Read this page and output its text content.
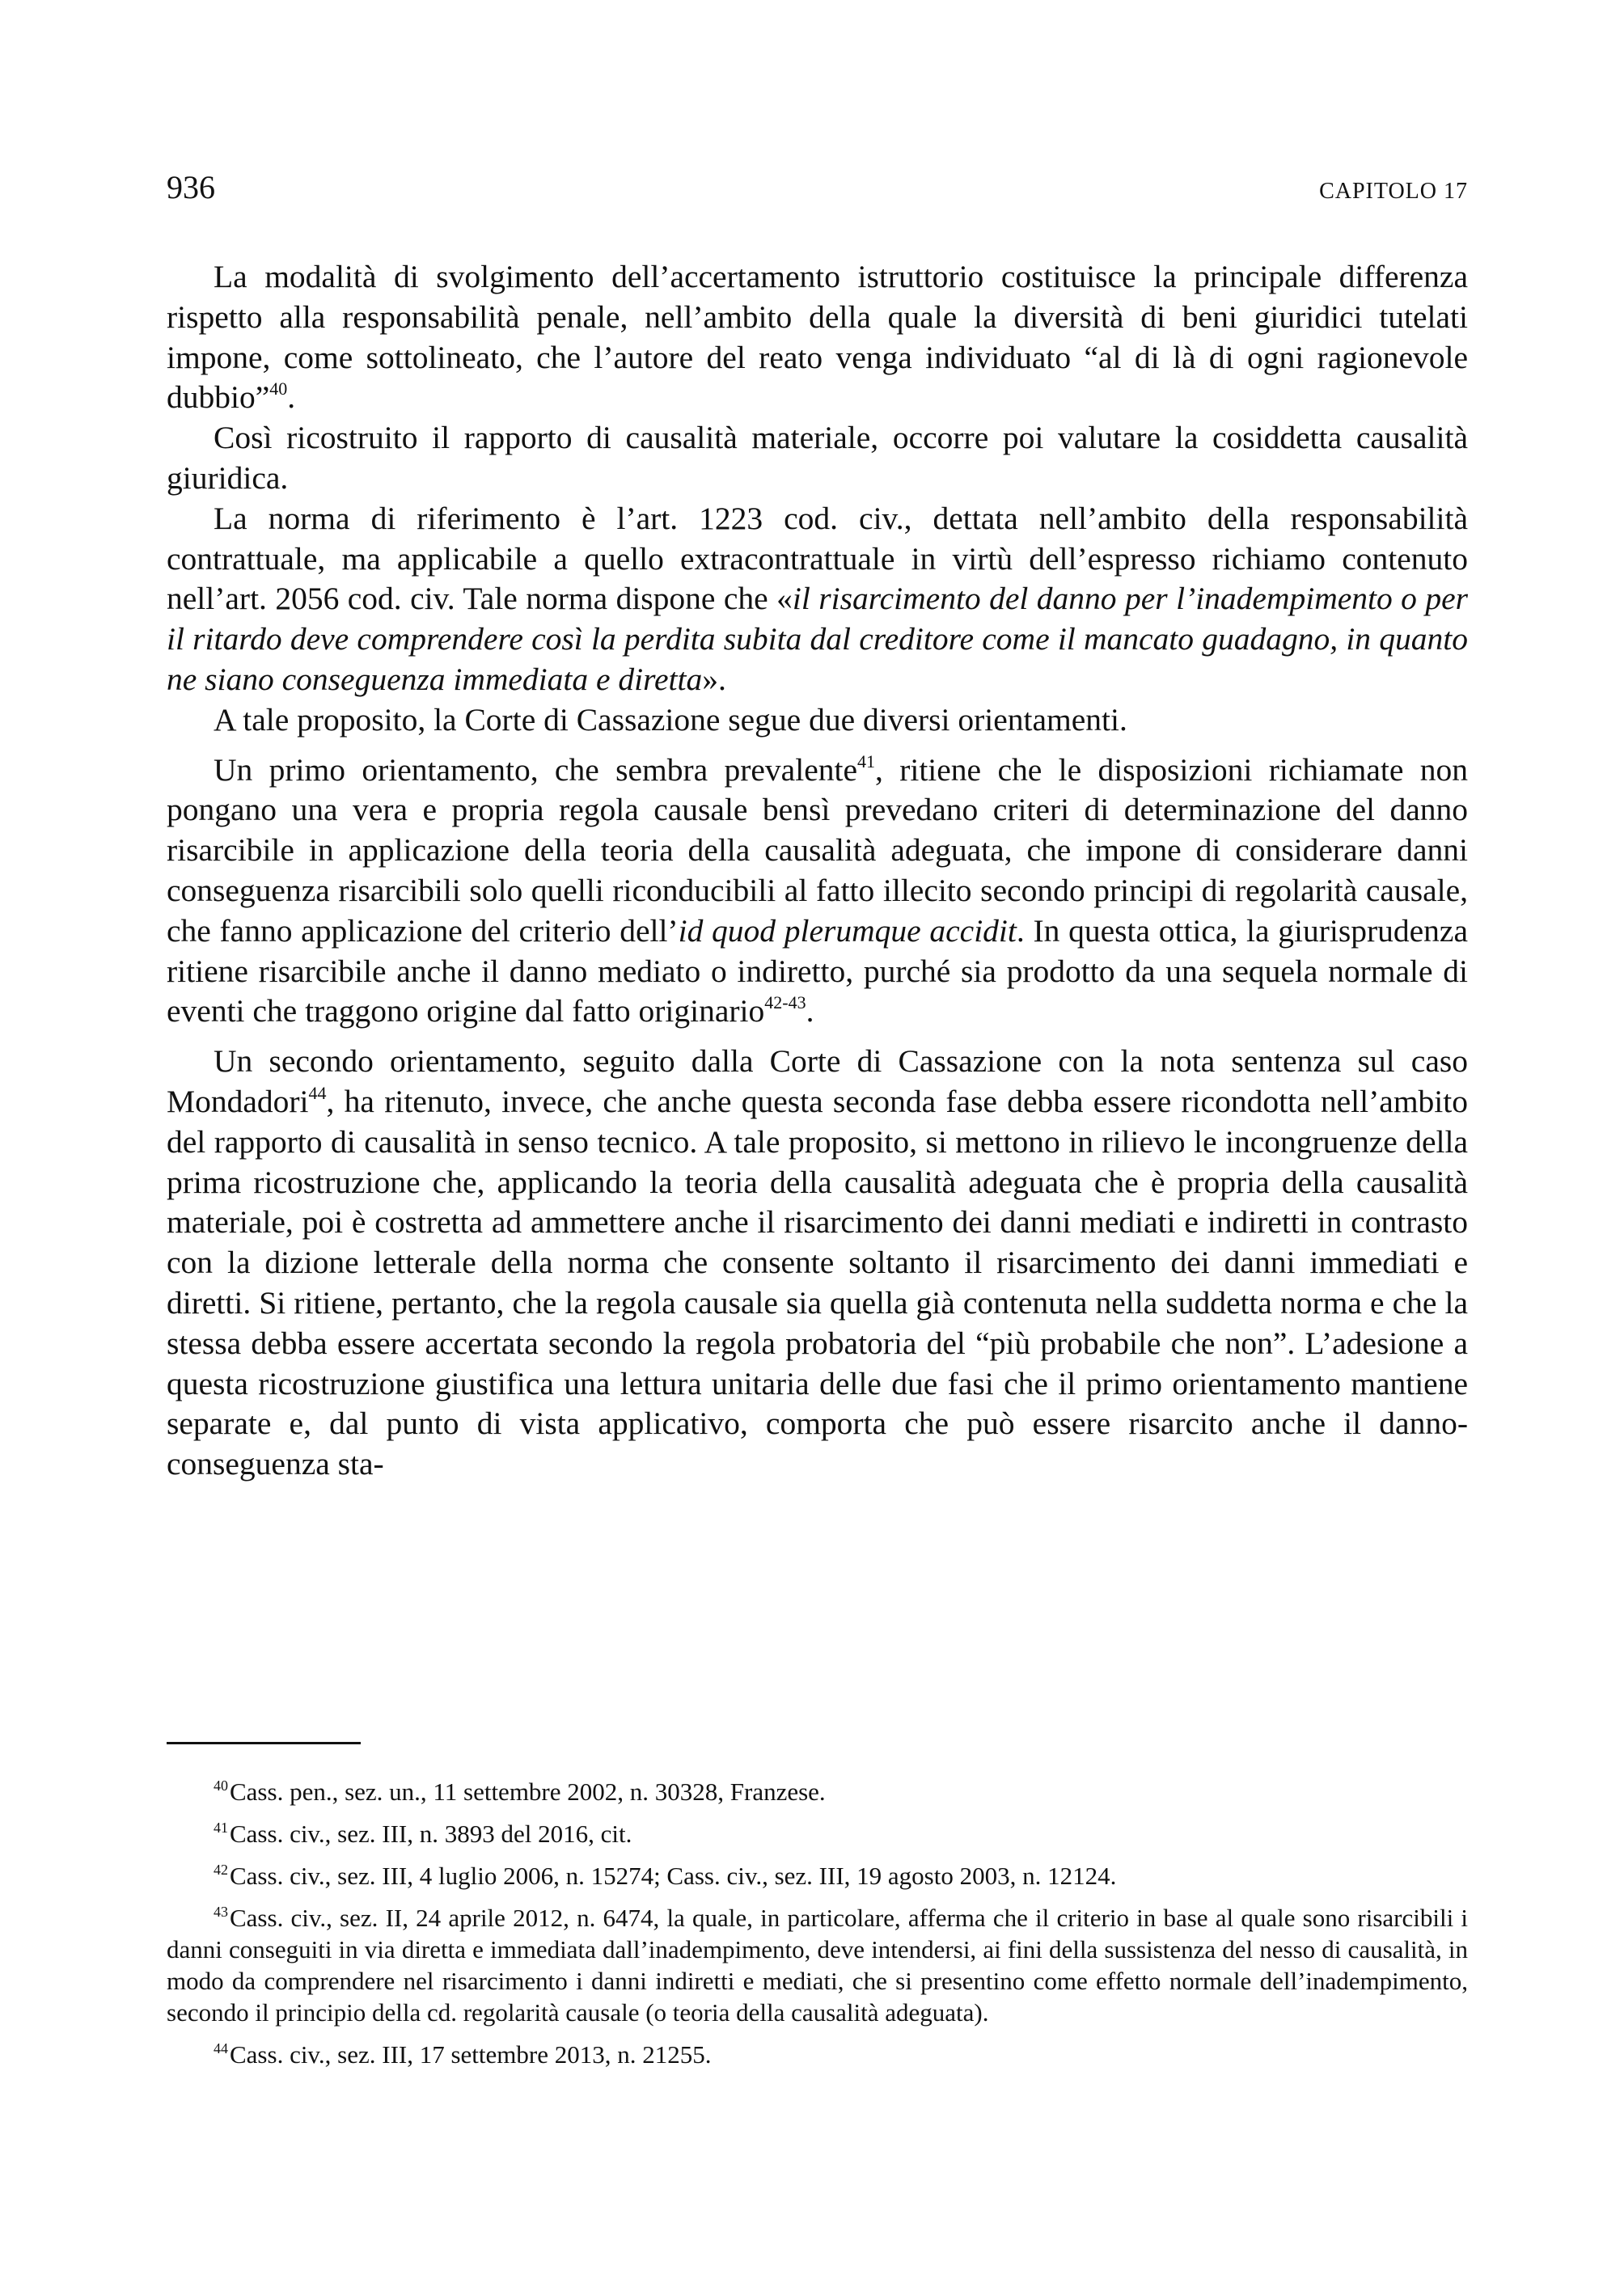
936	CAPITOLO 17

La modalità di svolgimento dell’accertamento istruttorio costituisce la principale differenza rispetto alla responsabilità penale, nell’ambito della quale la diversità di beni giuridici tutelati impone, come sottolineato, che l’autore del reato venga individuato “al di là di ogni ragionevole dubbio”$^{40}$.

Così ricostruito il rapporto di causalità materiale, occorre poi valutare la cosiddetta causalità giuridica.

La norma di riferimento è l’art. 1223 cod. civ., dettata nell’ambito della responsabilità contrattuale, ma applicabile a quello extracontrattuale in virtù dell’espresso richiamo contenuto nell’art. 2056 cod. civ. Tale norma dispone che «il risarcimento del danno per l’inadempimento o per il ritardo deve comprendere così la perdita subita dal creditore come il mancato guadagno, in quanto ne siano conseguenza immediata e diretta».

A tale proposito, la Corte di Cassazione segue due diversi orientamenti.

Un primo orientamento, che sembra prevalente$^{41}$, ritiene che le disposizioni richiamate non pongano una vera e propria regola causale bensì prevedano criteri di determinazione del danno risarcibile in applicazione della teoria della causalità adeguata, che impone di considerare danni conseguenza risarcibili solo quelli riconducibili al fatto illecito secondo principi di regolarità causale, che fanno applicazione del criterio dell’id quod plerumque accidit. In questa ottica, la giurisprudenza ritiene risarcibile anche il danno mediato o indiretto, purché sia prodotto da una sequela normale di eventi che traggono origine dal fatto originario$^{42-43}$.

Un secondo orientamento, seguito dalla Corte di Cassazione con la nota sentenza sul caso Mondadori$^{44}$, ha ritenuto, invece, che anche questa seconda fase debba essere ricondotta nell’ambito del rapporto di causalità in senso tecnico. A tale proposito, si mettono in rilievo le incongruenze della prima ricostruzione che, applicando la teoria della causalità adeguata che è propria della causalità materiale, poi è costretta ad ammettere anche il risarcimento dei danni mediati e indiretti in contrasto con la dizione letterale della norma che consente soltanto il risarcimento dei danni immediati e diretti. Si ritiene, pertanto, che la regola causale sia quella già contenuta nella suddetta norma e che la stessa debba essere accertata secondo la regola probatoria del “più probabile che non”. L’adesione a questa ricostruzione giustifica una lettura unitaria delle due fasi che il primo orientamento mantiene separate e, dal punto di vista applicativo, comporta che può essere risarcito anche il danno-conseguenza sta-

$^{40}$Cass. pen., sez. un., 11 settembre 2002, n. 30328, Franzese.

$^{41}$Cass. civ., sez. III, n. 3893 del 2016, cit.

$^{42}$Cass. civ., sez. III, 4 luglio 2006, n. 15274; Cass. civ., sez. III, 19 agosto 2003, n. 12124.

$^{43}$Cass. civ., sez. II, 24 aprile 2012, n. 6474, la quale, in particolare, afferma che il criterio in base al quale sono risarcibili i danni conseguiti in via diretta e immediata dall’inadempimento, deve intendersi, ai fini della sussistenza del nesso di causalità, in modo da comprendere nel risarcimento i danni indiretti e mediati, che si presentino come effetto normale dell’inadempimento, secondo il principio della cd. regolarità causale (o teoria della causalità adeguata).

$^{44}$Cass. civ., sez. III, 17 settembre 2013, n. 21255.
